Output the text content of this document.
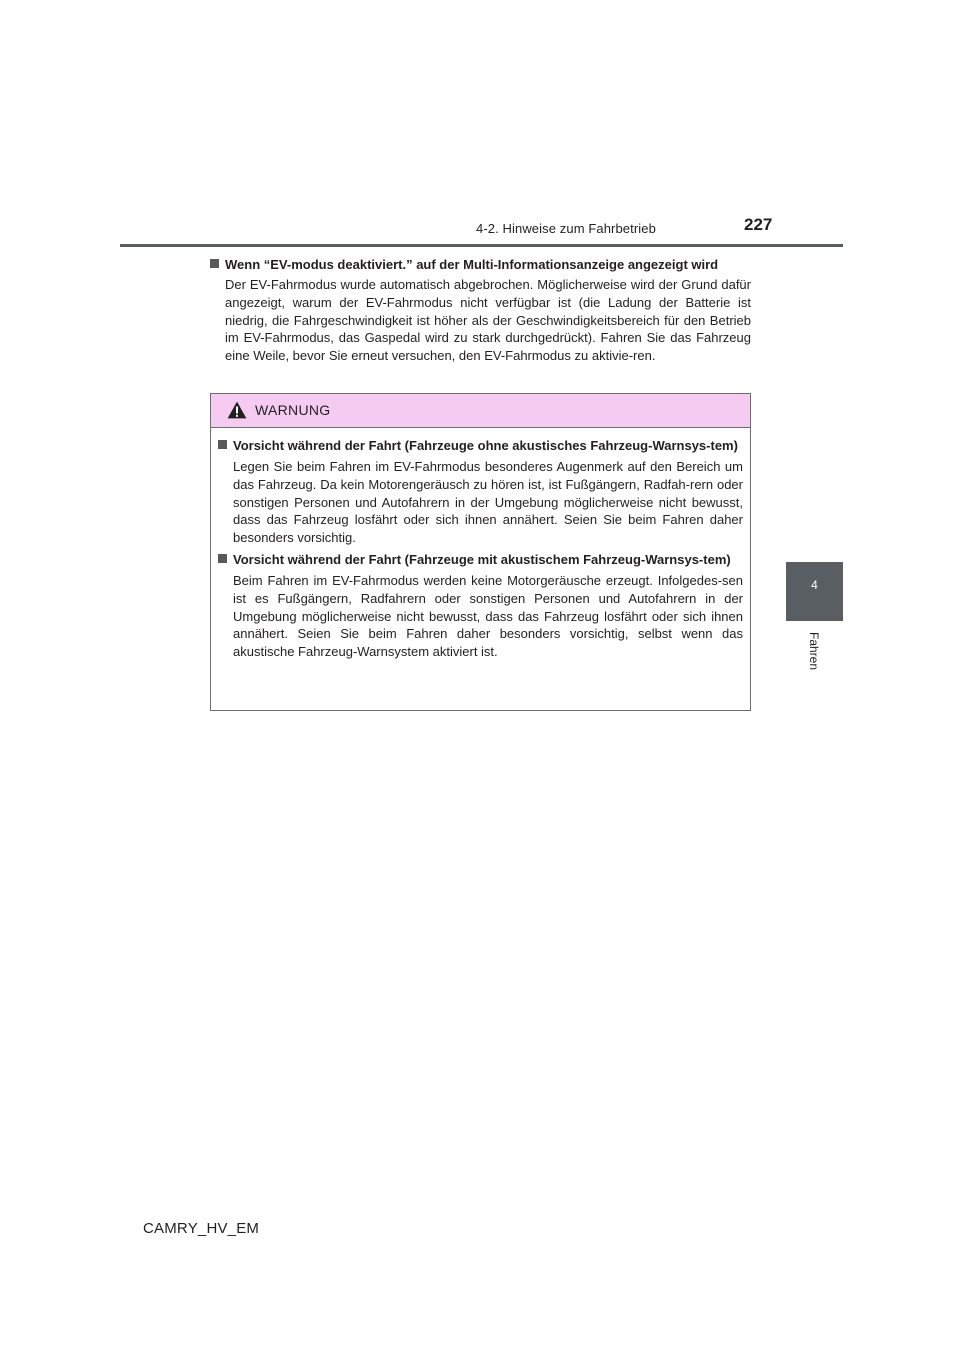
4-2. Hinweise zum Fahrbetrieb	227
4
Fahren
Wenn “EV-modus deaktiviert.” auf der Multi-Informationsanzeige angezeigt wird
Der EV-Fahrmodus wurde automatisch abgebrochen. Möglicherweise wird der Grund dafür angezeigt, warum der EV-Fahrmodus nicht verfügbar ist (die Ladung der Batterie ist niedrig, die Fahrgeschwindigkeit ist höher als der Geschwindigkeitsbereich für den Betrieb im EV-Fahrmodus, das Gaspedal wird zu stark durchgedrückt). Fahren Sie das Fahrzeug eine Weile, bevor Sie erneut versuchen, den EV-Fahrmodus zu aktivie-ren.
WARNUNG
Vorsicht während der Fahrt (Fahrzeuge ohne akustisches Fahrzeug-Warnsys-tem)
Legen Sie beim Fahren im EV-Fahrmodus besonderes Augenmerk auf den Bereich um das Fahrzeug. Da kein Motorengeräusch zu hören ist, ist Fußgängern, Radfah-rern oder sonstigen Personen und Autofahrern in der Umgebung möglicherweise nicht bewusst, dass das Fahrzeug losfährt oder sich ihnen annähert. Seien Sie beim Fahren daher besonders vorsichtig.
Vorsicht während der Fahrt (Fahrzeuge mit akustischem Fahrzeug-Warnsys-tem)
Beim Fahren im EV-Fahrmodus werden keine Motorgeräusche erzeugt. Infolgedes-sen ist es Fußgängern, Radfahrern oder sonstigen Personen und Autofahrern in der Umgebung möglicherweise nicht bewusst, dass das Fahrzeug losfährt oder sich ihnen annähert. Seien Sie beim Fahren daher besonders vorsichtig, selbst wenn das akustische Fahrzeug-Warnsystem aktiviert ist.
CAMRY_HV_EM
